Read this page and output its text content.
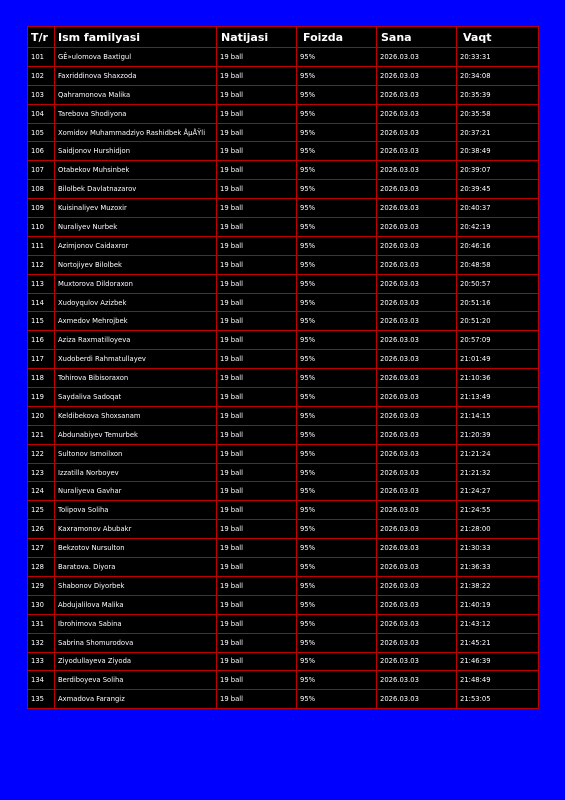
T/r	Ism familyasi	Natijasi	Foizda	Sana	Vaqt
101	GÊ»ulomova Baxtigul	19 ball	95%	2026.03.03	20:33:31
102	Faxriddinova Shaxzoda	19 ball	95%	2026.03.03	20:34:08
103	Qahramonova Malika	19 ball	95%	2026.03.03	20:35:39
104	Tarebova Shodiyona	19 ball	95%	2026.03.03	20:35:58
105	Xomidov Muhammadziyo Rashidbek ÅµÅŸli	19 ball	95%	2026.03.03	20:37:21
106	Saidjonov Hurshidjon	19 ball	95%	2026.03.03	20:38:49
107	Otabekov Muhsinbek	19 ball	95%	2026.03.03	20:39:07
108	Bilolbek Davlatnazarov	19 ball	95%	2026.03.03	20:39:45
109	Kuisinaliyev Muzoxir	19 ball	95%	2026.03.03	20:40:37
110	Nuraliyev Nurbek	19 ball	95%	2026.03.03	20:42:19
111	Azimjonov Caidaxror	19 ball	95%	2026.03.03	20:46:16
112	Nortojiyev Bilolbek	19 ball	95%	2026.03.03	20:48:58
113	Muxtorova Dildoraxon	19 ball	95%	2026.03.03	20:50:57
114	Xudoyqulov Azizbek	19 ball	95%	2026.03.03	20:51:16
115	Axmedov Mehrojbek	19 ball	95%	2026.03.03	20:51:20
116	Aziza Raxmatilloyeva	19 ball	95%	2026.03.03	20:57:09
117	Xudoberdi Rahmatullayev	19 ball	95%	2026.03.03	21:01:49
118	Tohirova Bibisoraxon	19 ball	95%	2026.03.03	21:10:36
119	Saydaliva Sadoqat	19 ball	95%	2026.03.03	21:13:49
120	Keldibekova Shoxsanam	19 ball	95%	2026.03.03	21:14:15
121	Abdunabiyev Temurbek	19 ball	95%	2026.03.03	21:20:39
122	Sultonov Ismoilxon	19 ball	95%	2026.03.03	21:21:24
123	Izzatilla Norboyev	19 ball	95%	2026.03.03	21:21:32
124	Nuraliyeva Gavhar	19 ball	95%	2026.03.03	21:24:27
125	Tolipova Soliha	19 ball	95%	2026.03.03	21:24:55
126	Kaxramonov Abubakr	19 ball	95%	2026.03.03	21:28:00
127	Bekzotov Nursulton	19 ball	95%	2026.03.03	21:30:33
128	Baratova. Diyora	19 ball	95%	2026.03.03	21:36:33
129	Shabonov Diyorbek	19 ball	95%	2026.03.03	21:38:22
130	Abdujalilova Malika	19 ball	95%	2026.03.03	21:40:19
131	Ibrohimova Sabina	19 ball	95%	2026.03.03	21:43:12
132	Sabrina Shomurodova	19 ball	95%	2026.03.03	21:45:21
133	Ziyodullayeva Ziyoda	19 ball	95%	2026.03.03	21:46:39
134	Berdiboyeva Soliha	19 ball	95%	2026.03.03	21:48:49
135	Axmadova Farangiz	19 ball	95%	2026.03.03	21:53:05
